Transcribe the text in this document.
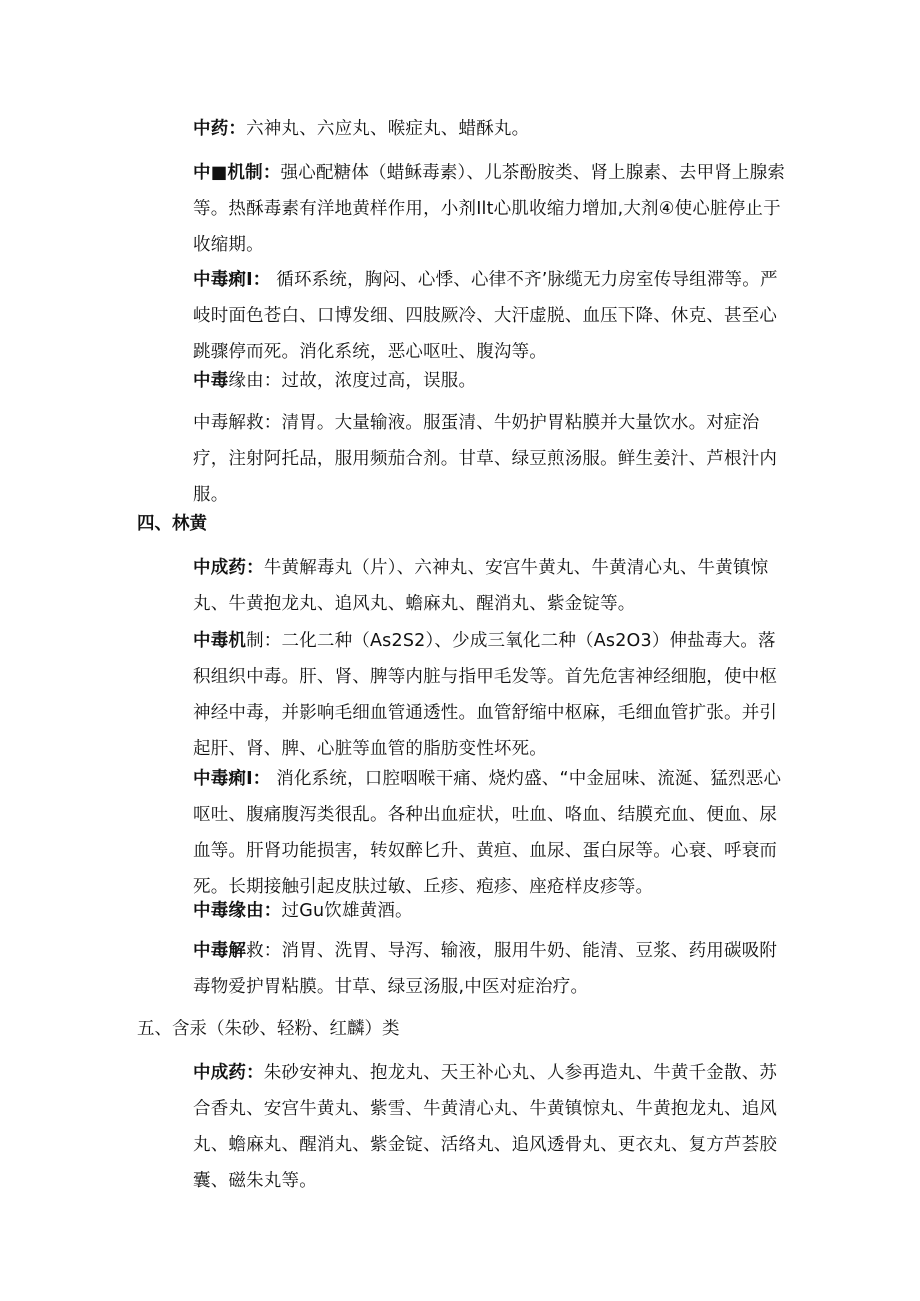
中药：六神丸、六应丸、喉症丸、蜡酥丸。

中■机制：强心配糖体（蜡稣毒素）、儿茶酚胺类、肾上腺素、去甲肾上腺索等。热酥毒素有洋地黄样作用，小剂Ilt心肌收缩力增加,大剂④使心脏停止于收缩期。

中毒痢I： 循环系统，胸闷、心悸、心律不齐’脉缆无力房室传导组滞等。严岐时面色苍白、口博发细、四肢厥冷、大汗虚脱、血压下降、休克、甚至心跳骤停而死。消化系统，恶心呕吐、腹沟等。

中毒缘由：过故，浓度过高，误服。

中毒解救：清胃。大量输液。服蛋清、牛奶护胃粘膜并大量饮水。对症治疗，注射阿托品，服用频茄合剂。甘草、绿豆煎汤服。鲜生姜汁、芦根汁内服。

四、林黄

中成药：牛黄解毒丸（片）、六神丸、安宫牛黄丸、牛黄清心丸、牛黄镇惊丸、牛黄抱龙丸、追风丸、蟾麻丸、醒消丸、紫金锭等。

中毒机制：二化二种（As2S2）、少成三氧化二种（As2O3）伸盐毒大。落积组织中毒。肝、肾、脾等内脏与指甲毛发等。首先危害神经细胞，使中枢神经中毒，并影响毛细血管通透性。血管舒缩中枢麻，毛细血管扩张。并引起肝、肾、脾、心脏等血管的脂肪变性坏死。

中毒痢I： 消化系统，口腔咽喉干痛、烧灼盛、“中金屈味、流涎、猛烈恶心呕吐、腹痛腹泻类很乱。各种出血症状，吐血、咯血、结膜充血、便血、尿血等。肝肾功能损害，转奴醉匕升、黄疸、血尿、蛋白尿等。心衰、呼衰而死。长期接触引起皮肤过敏、丘疹、疱疹、座疮样皮疹等。

中毒缘由：过Gu饮雄黄酒。

中毒解救：消胃、洗胃、导泻、输液，服用牛奶、能清、豆浆、药用碳吸附毒物爱护胃粘膜。甘草、绿豆汤服,中医对症治疗。

五、含汞（朱砂、轻粉、红麟）类

中成药：朱砂安神丸、抱龙丸、天王补心丸、人参再造丸、牛黄千金散、苏合香丸、安宫牛黄丸、紫雪、牛黄清心丸、牛黄镇惊丸、牛黄抱龙丸、追风丸、蟾麻丸、醒消丸、紫金锭、活络丸、追风透骨丸、更衣丸、复方芦荟胶囊、磁朱丸等。
